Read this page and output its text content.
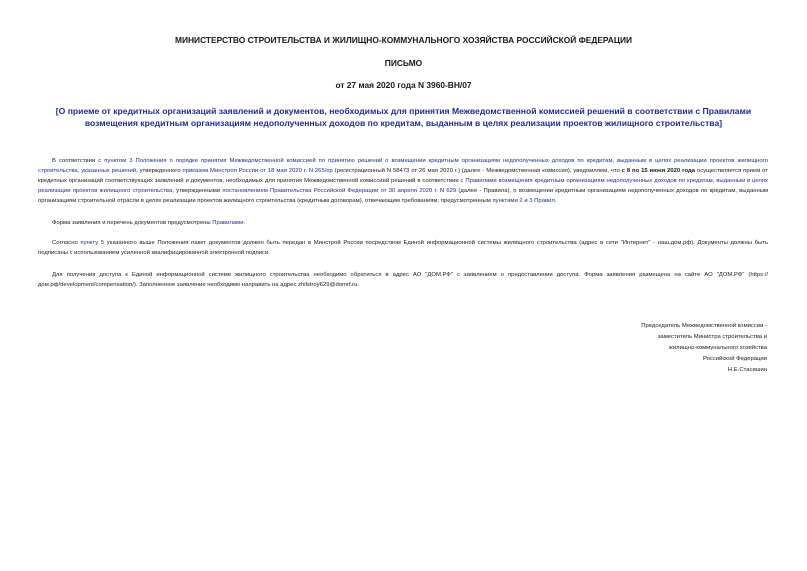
МИНИСТЕРСТВО СТРОИТЕЛЬСТВА И ЖИЛИЩНО-КОММУНАЛЬНОГО ХОЗЯЙСТВА РОССИЙСКОЙ ФЕДЕРАЦИИ
ПИСЬМО
от 27 мая 2020 года N 3960-ВН/07
[О приеме от кредитных организаций заявлений и документов, необходимых для принятия Межведомственной комиссией решений в соответствии с Правилами возмещения кредитным организациям недополученных доходов по кредитам, выданным в целях реализации проектов жилищного строительства]
В соответствии с пунктом 3 Положения о порядке принятия Межведомственной комиссией по принятию решений о возмещении кредитным организациям недополученных доходов по кредитам, выданным в целях реализации проектов жилищного строительства, указанных решений, утвержденного приказом Минстроя России от 18 мая 2020 г. N 265/пр (регистрационный N 58473 от 26 мая 2020 г.) (далее - Межведомственная комиссия), уведомляем, что с 8 по 15 июня 2020 года осуществляется прием от кредитных организаций соответствующих заявлений и документов, необходимых для принятия Межведомственной комиссией решений в соответствии с Правилами возмещения кредитным организациям недополученных доходов по кредитам, выданным в целях реализации проектов жилищного строительства, утвержденными постановлением Правительства Российской Федерации от 30 апреля 2020 г. N 629 (далее - Правила), о возмещении кредитным организациям недополученных доходов по кредитам, выданным организациям строительной отрасли в целях реализации проектов жилищного строительства (кредитным договорам), отвечающим требованиям, предусмотренным пунктами 2 и 3 Правил.
Форма заявления и перечень документов предусмотрены Правилами.
Согласно пункту 5 указанного выше Положения пакет документов должен быть передан в Минстрой России посредством Единой информационной системы жилищного строительства (адрес в сети "Интернет" - наш.дом.рф). Документы должны быть подписаны с использованием усиленной квалифицированной электронной подписи.
Для получения доступа к Единой информационной системе жилищного строительства необходимо обратиться в адрес АО "ДОМ.РФ" с заявлением о предоставлении доступа. Форма заявления размещена на сайте АО "ДОМ.РФ" (https://дом.рф/development/compensation/). Заполненное заявление необходимо направить на адрес zhilstroy629@domrf.ru.
Председатель Межведомственной комиссии -
заместитель Министра строительства и
жилищно-коммунального хозяйства
Российской Федерации
Н.Е.Стасишин
